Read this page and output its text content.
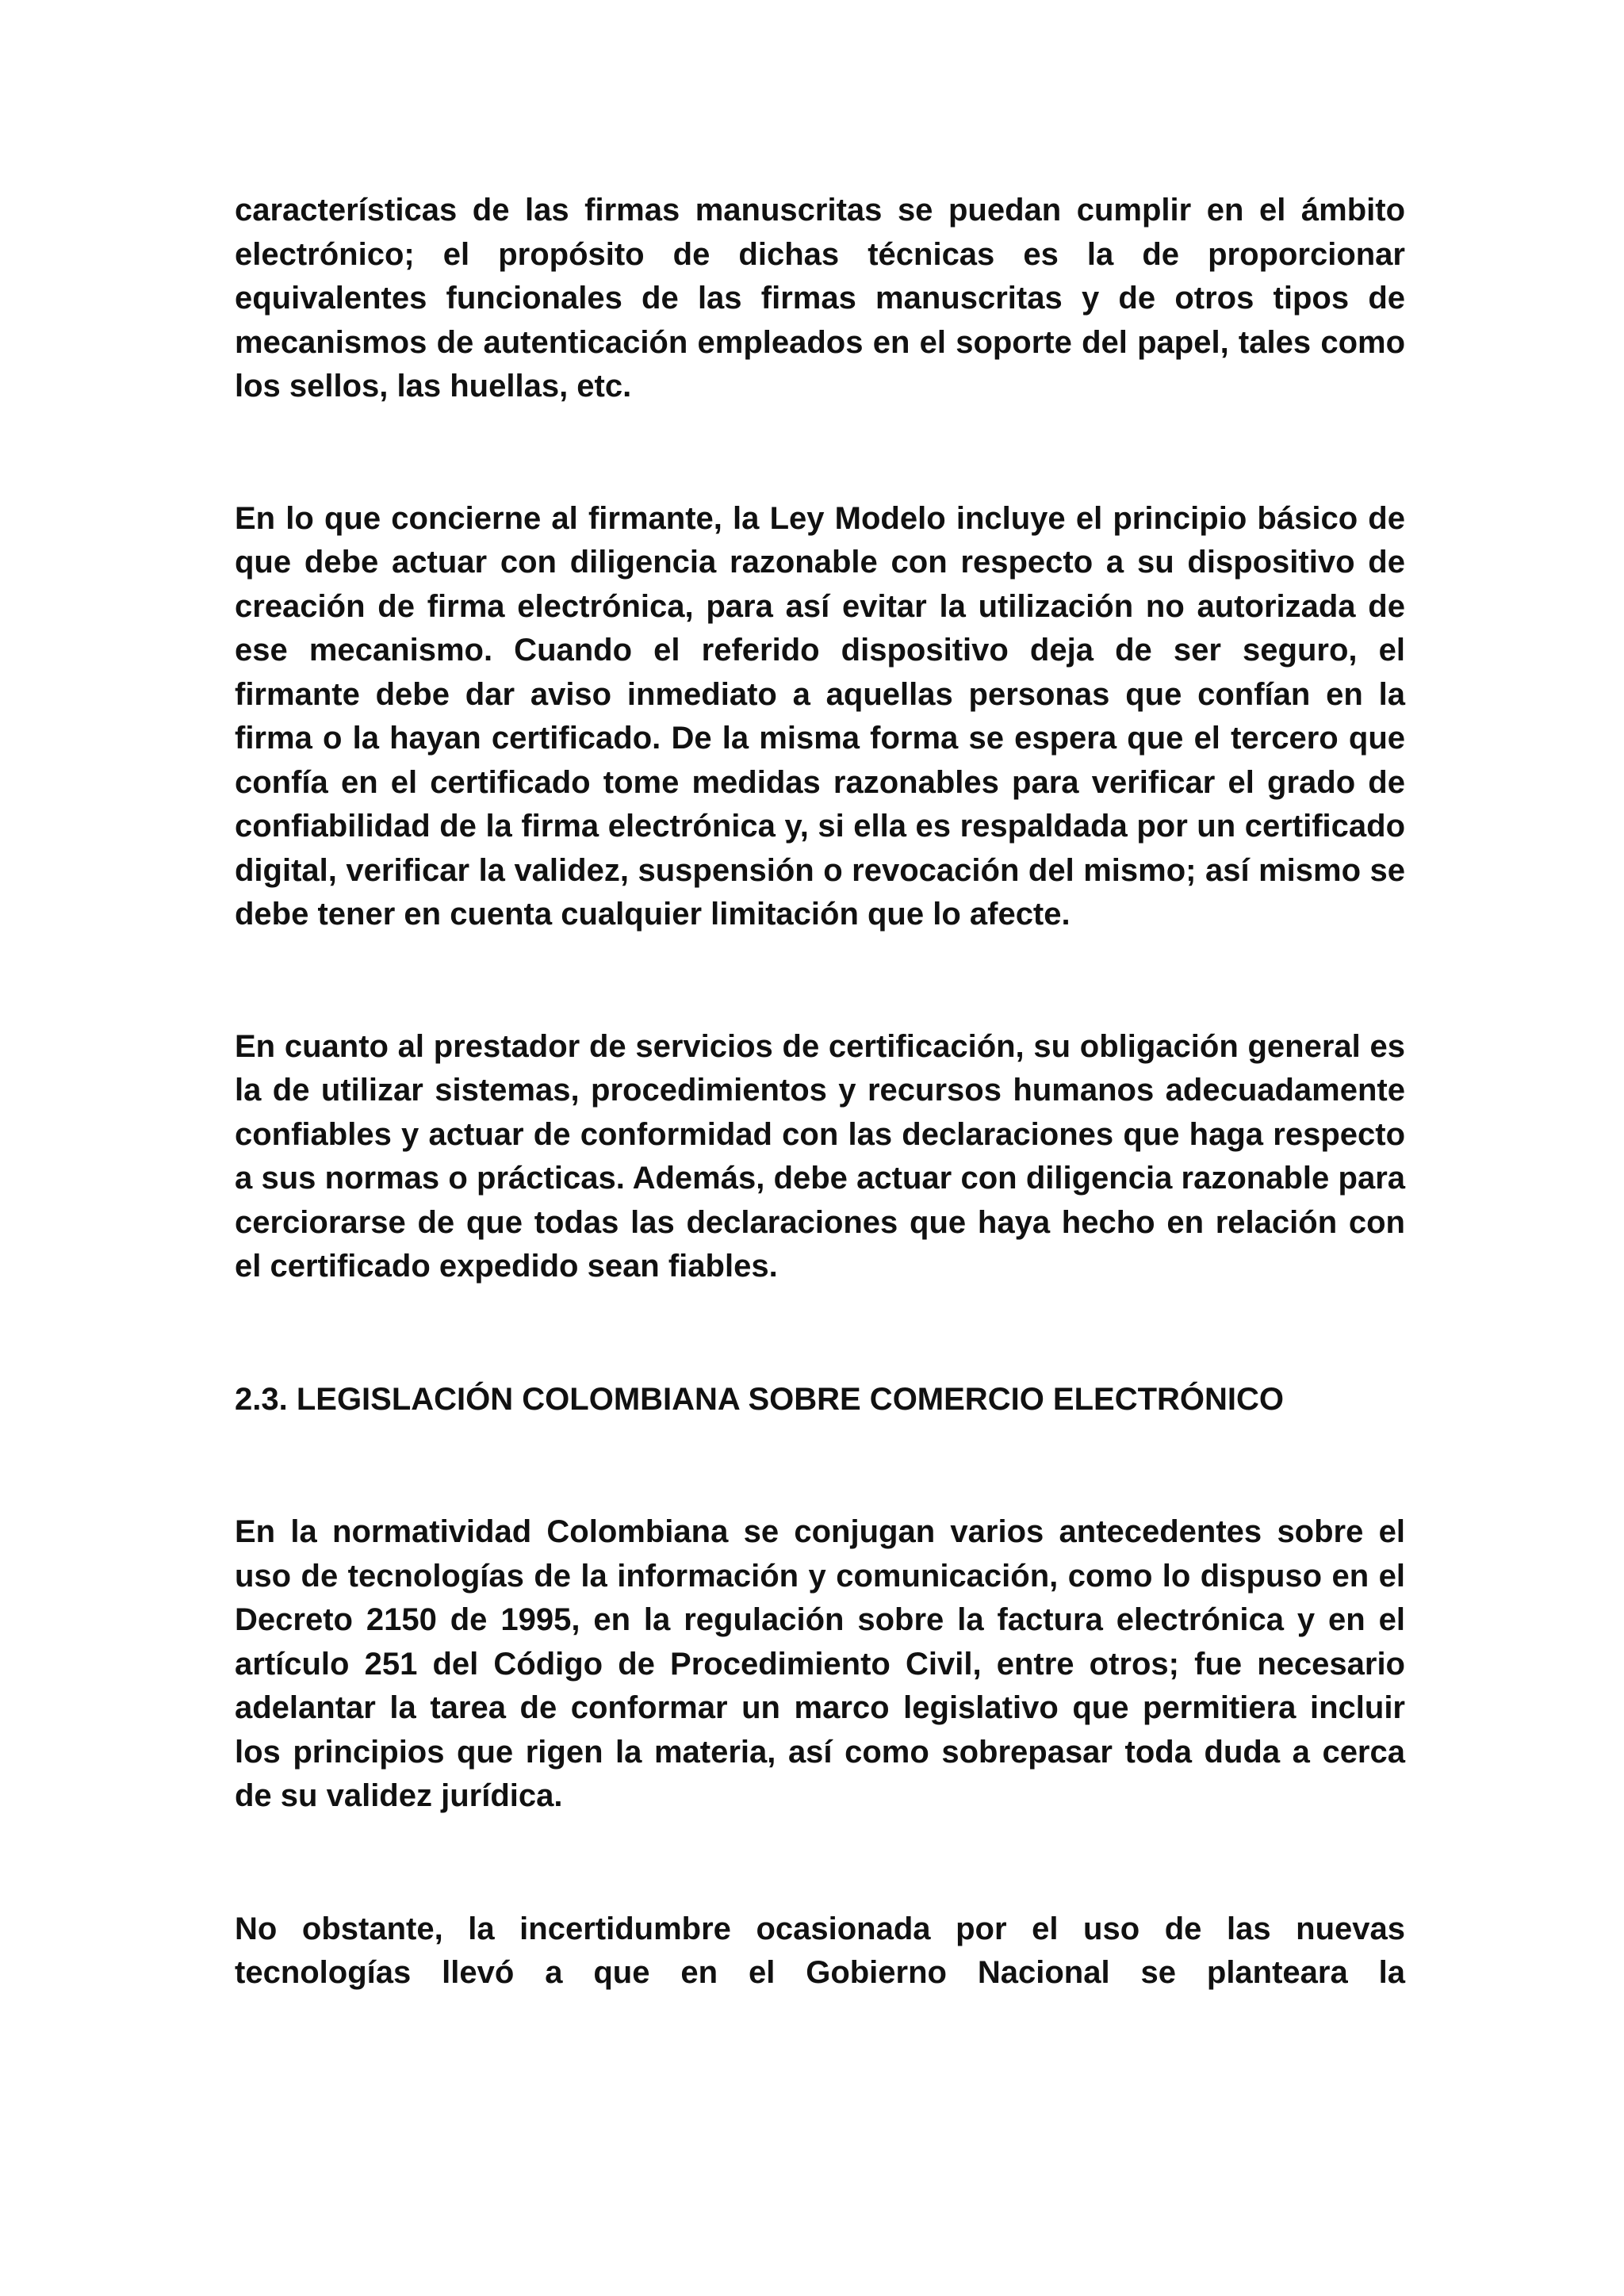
características de las firmas manuscritas se puedan cumplir en el ámbito electrónico; el propósito de dichas técnicas es la de proporcionar equivalentes funcionales de las firmas manuscritas y de otros tipos de mecanismos de autenticación empleados en el soporte del papel, tales como los sellos, las huellas, etc.

En lo que concierne al firmante, la Ley Modelo incluye el principio básico de que debe actuar con diligencia razonable con respecto a su dispositivo de creación de firma electrónica, para así evitar la utilización no autorizada de ese mecanismo. Cuando el referido dispositivo deja de ser seguro, el firmante debe dar aviso inmediato a aquellas personas que confían en la firma o la hayan certificado. De la misma forma se espera que el tercero que confía en el certificado tome medidas razonables para verificar el grado de confiabilidad de la firma electrónica y, si ella es respaldada por un certificado digital, verificar la validez, suspensión o revocación del mismo; así mismo se debe tener en cuenta cualquier limitación que lo afecte.

En cuanto al prestador de servicios de certificación, su obligación general es la de utilizar sistemas, procedimientos y recursos humanos adecuadamente confiables y actuar de conformidad con las declaraciones que haga respecto a sus normas o prácticas. Además, debe actuar con diligencia razonable para cerciorarse de que todas las declaraciones que haya hecho en relación con el certificado expedido sean fiables.

2.3. LEGISLACIÓN COLOMBIANA SOBRE COMERCIO ELECTRÓNICO

En la normatividad Colombiana se conjugan varios antecedentes sobre el uso de tecnologías de la información y comunicación, como lo dispuso en el Decreto 2150 de 1995, en la regulación sobre la factura electrónica y en el artículo 251 del Código de Procedimiento Civil, entre otros; fue necesario adelantar la tarea de conformar un marco legislativo que permitiera incluir los principios que rigen la materia, así como sobrepasar toda duda a cerca de su validez jurídica.

No obstante, la incertidumbre ocasionada por el uso de las nuevas tecnologías llevó a que en el Gobierno Nacional se planteara la
